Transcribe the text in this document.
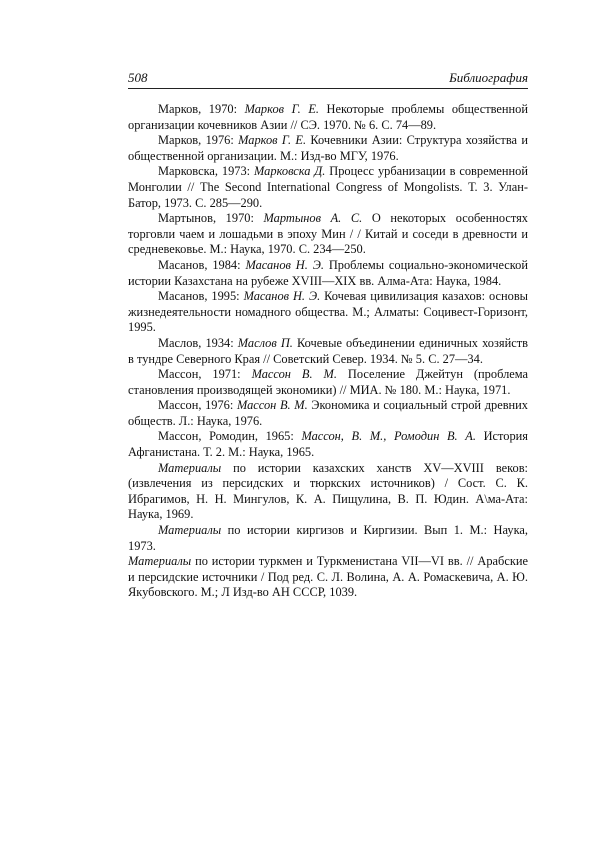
508	Библиография

Марков, 1970: Марков Г. Е. Некоторые проблемы общественной организации кочевников Азии // СЭ. 1970. № 6. С. 74—89.

Марков, 1976: Марков Г. Е. Кочевники Азии: Структура хозяйства и общественной организации. М.: Изд-во МГУ, 1976.

Марковска, 1973: Марковска Д. Процесс урбанизации в современной Монголии // The Second International Congress of Mongolists. Т. 3. Улан-Батор, 1973. С. 285—290.

Мартынов, 1970: Мартынов А. С. О некоторых особенностях торговли чаем и лошадьми в эпоху Мин / / Китай и соседи в древности и средневековье. М.: Наука, 1970. С. 234—250.

Масанов, 1984: Масанов Н. Э. Проблемы социально-экономической истории Казахстана на рубеже XVIII—XIX вв. Алма-Ата: Наука, 1984.

Масанов, 1995: Масанов Н. Э. Кочевая цивилизация казахов: основы жизнедеятельности номадного общества. М.; Алматы: Социвест-Горизонт, 1995.

Маслов, 1934: Маслов П. Кочевые объединении единичных хозяйств в тундре Северного Края // Советский Север. 1934. № 5. С. 27—34.

Массон, 1971: Массон В. М. Поселение Джейтун (проблема становления производящей экономики) // МИА. № 180. М.: Наука, 1971.

Массон, 1976: Массон В. М. Экономика и социальный строй древних обществ. Л.: Наука, 1976.

Массон, Ромодин, 1965: Массон, В. М., Ромодин В. А. История Афганистана. Т. 2. М.: Наука, 1965.

Материалы по истории казахских ханств XV—XVIII веков: (извлечения из персидских и тюркских источников) / Сост. С. К. Ибрагимов, Н. Н. Мингулов, К. А. Пищулина, В. П. Юдин. А\ма-Ата: Наука, 1969.

Материалы по истории киргизов и Киргизии. Вып 1. М.: Наука, 1973.

Материалы по истории туркмен и Туркменистана VII—VI вв. // Арабские и персидские источники / Под ред. С. Л. Волина, А. А. Ромаскевича, А. Ю. Якубовского. М.; Л Изд-во АН СССР, 1039.
